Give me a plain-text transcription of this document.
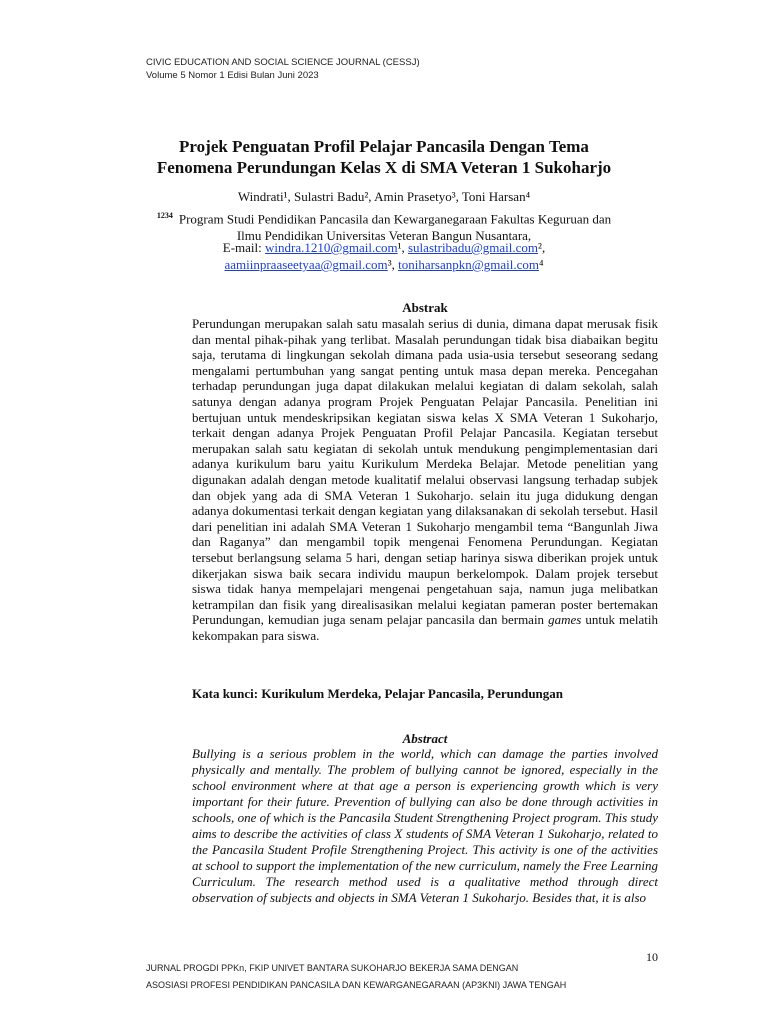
CIVIC EDUCATION AND SOCIAL SCIENCE JOURNAL (CESSJ)
Volume 5 Nomor 1 Edisi Bulan Juni 2023
Projek Penguatan Profil Pelajar Pancasila Dengan Tema
Fenomena Perundungan Kelas X di SMA Veteran 1 Sukoharjo
Windrati¹, Sulastri Badu², Amin Prasetyo³, Toni Harsan⁴
$^{1234}$ Program Studi Pendidikan Pancasila dan Kewarganegaraan Fakultas Keguruan dan
Ilmu Pendidikan Universitas Veteran Bangun Nusantara,
E-mail: windra.1210@gmail.com¹, sulastribadu@gmail.com²,
aamiinpraaseetyaa@gmail.com³, toniharsanpkn@gmail.com⁴
Abstrak
Perundungan merupakan salah satu masalah serius di dunia, dimana dapat merusak fisik dan mental pihak-pihak yang terlibat. Masalah perundungan tidak bisa diabaikan begitu saja, terutama di lingkungan sekolah dimana pada usia-usia tersebut seseorang sedang mengalami pertumbuhan yang sangat penting untuk masa depan mereka. Pencegahan terhadap perundungan juga dapat dilakukan melalui kegiatan di dalam sekolah, salah satunya dengan adanya program Projek Penguatan Pelajar Pancasila. Penelitian ini bertujuan untuk mendeskripsikan kegiatan siswa kelas X SMA Veteran 1 Sukoharjo, terkait dengan adanya Projek Penguatan Profil Pelajar Pancasila. Kegiatan tersebut merupakan salah satu kegiatan di sekolah untuk mendukung pengimplementasian dari adanya kurikulum baru yaitu Kurikulum Merdeka Belajar. Metode penelitian yang digunakan adalah dengan metode kualitatif melalui observasi langsung terhadap subjek dan objek yang ada di SMA Veteran 1 Sukoharjo. selain itu juga didukung dengan adanya dokumentasi terkait dengan kegiatan yang dilaksanakan di sekolah tersebut. Hasil dari penelitian ini adalah SMA Veteran 1 Sukoharjo mengambil tema “Bangunlah Jiwa dan Raganya” dan mengambil topik mengenai Fenomena Perundungan. Kegiatan tersebut berlangsung selama 5 hari, dengan setiap harinya siswa diberikan projek untuk dikerjakan siswa baik secara individu maupun berkelompok. Dalam projek tersebut siswa tidak hanya mempelajari mengenai pengetahuan saja, namun juga melibatkan ketrampilan dan fisik yang direalisasikan melalui kegiatan pameran poster bertemakan Perundungan, kemudian juga senam pelajar pancasila dan bermain games untuk melatih kekompakan para siswa.
Kata kunci: Kurikulum Merdeka, Pelajar Pancasila, Perundungan
Abstract
Bullying is a serious problem in the world, which can damage the parties involved physically and mentally. The problem of bullying cannot be ignored, especially in the school environment where at that age a person is experiencing growth which is very important for their future. Prevention of bullying can also be done through activities in schools, one of which is the Pancasila Student Strengthening Project program. This study aims to describe the activities of class X students of SMA Veteran 1 Sukoharjo, related to the Pancasila Student Profile Strengthening Project. This activity is one of the activities at school to support the implementation of the new curriculum, namely the Free Learning Curriculum. The research method used is a qualitative method through direct observation of subjects and objects in SMA Veteran 1 Sukoharjo. Besides that, it is also
10
JURNAL PROGDI PPKn, FKIP UNIVET BANTARA SUKOHARJO BEKERJA SAMA DENGAN
ASOSIASI PROFESI PENDIDIKAN PANCASILA DAN KEWARGANEGARAAN (AP3KNI) JAWA TENGAH
